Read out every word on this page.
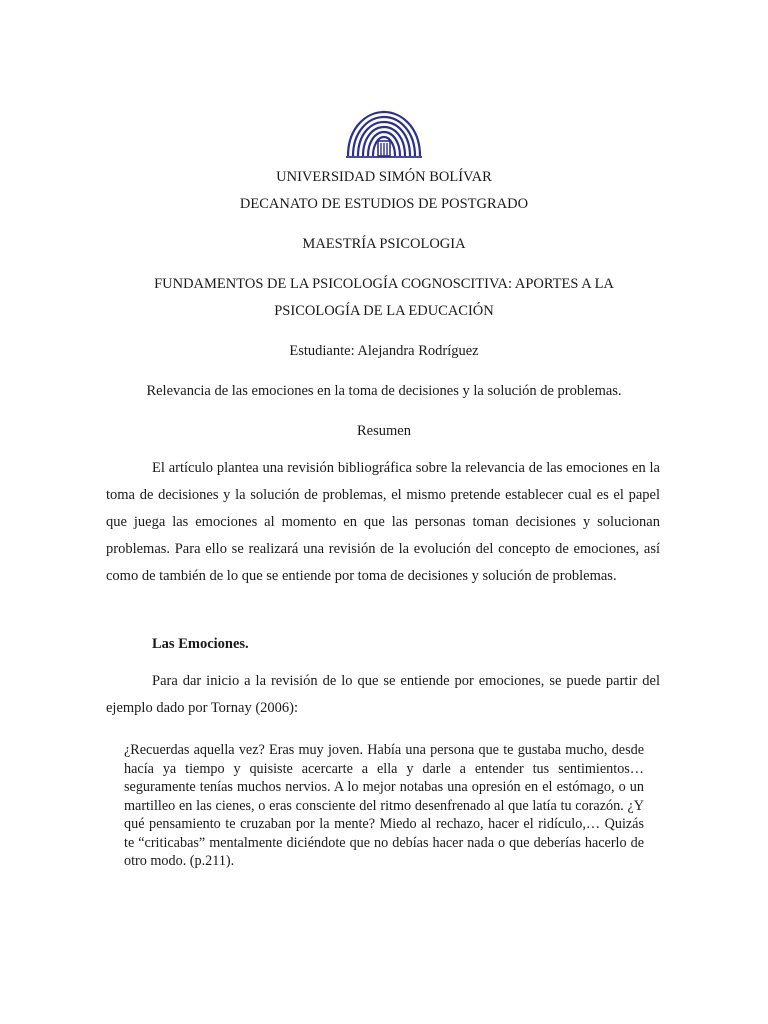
UNIVERSIDAD SIMÓN BOLÍVAR
DECANATO DE ESTUDIOS DE POSTGRADO
MAESTRÍA PSICOLOGIA
FUNDAMENTOS DE LA PSICOLOGÍA COGNOSCITIVA: APORTES A LA
PSICOLOGÍA DE LA EDUCACIÓN
Estudiante: Alejandra Rodríguez
Relevancia de las emociones en la toma de decisiones y la solución de problemas.
Resumen

El artículo plantea una revisión bibliográfica sobre la relevancia de las emociones en la toma de decisiones y la solución de problemas, el mismo pretende establecer cual es el papel que juega las emociones al momento en que las personas toman decisiones y solucionan problemas. Para ello se realizará una revisión de la evolución del concepto de emociones, así como de también de lo que se entiende por toma de decisiones y solución de problemas.

Las Emociones.

Para dar inicio a la revisión de lo que se entiende por emociones, se puede partir del ejemplo dado por Tornay (2006):

¿Recuerdas aquella vez? Eras muy joven. Había una persona que te gustaba mucho, desde hacía ya tiempo y quisiste acercarte a ella y darle a entender tus sentimientos… seguramente tenías muchos nervios. A lo mejor notabas una opresión en el estómago, o un martilleo en las cienes, o eras consciente del ritmo desenfrenado al que latía tu corazón. ¿Y qué pensamiento te cruzaban por la mente? Miedo al rechazo, hacer el ridículo,… Quizás te “criticabas” mentalmente diciéndote que no debías hacer nada o que deberías hacerlo de otro modo. (p.211).
